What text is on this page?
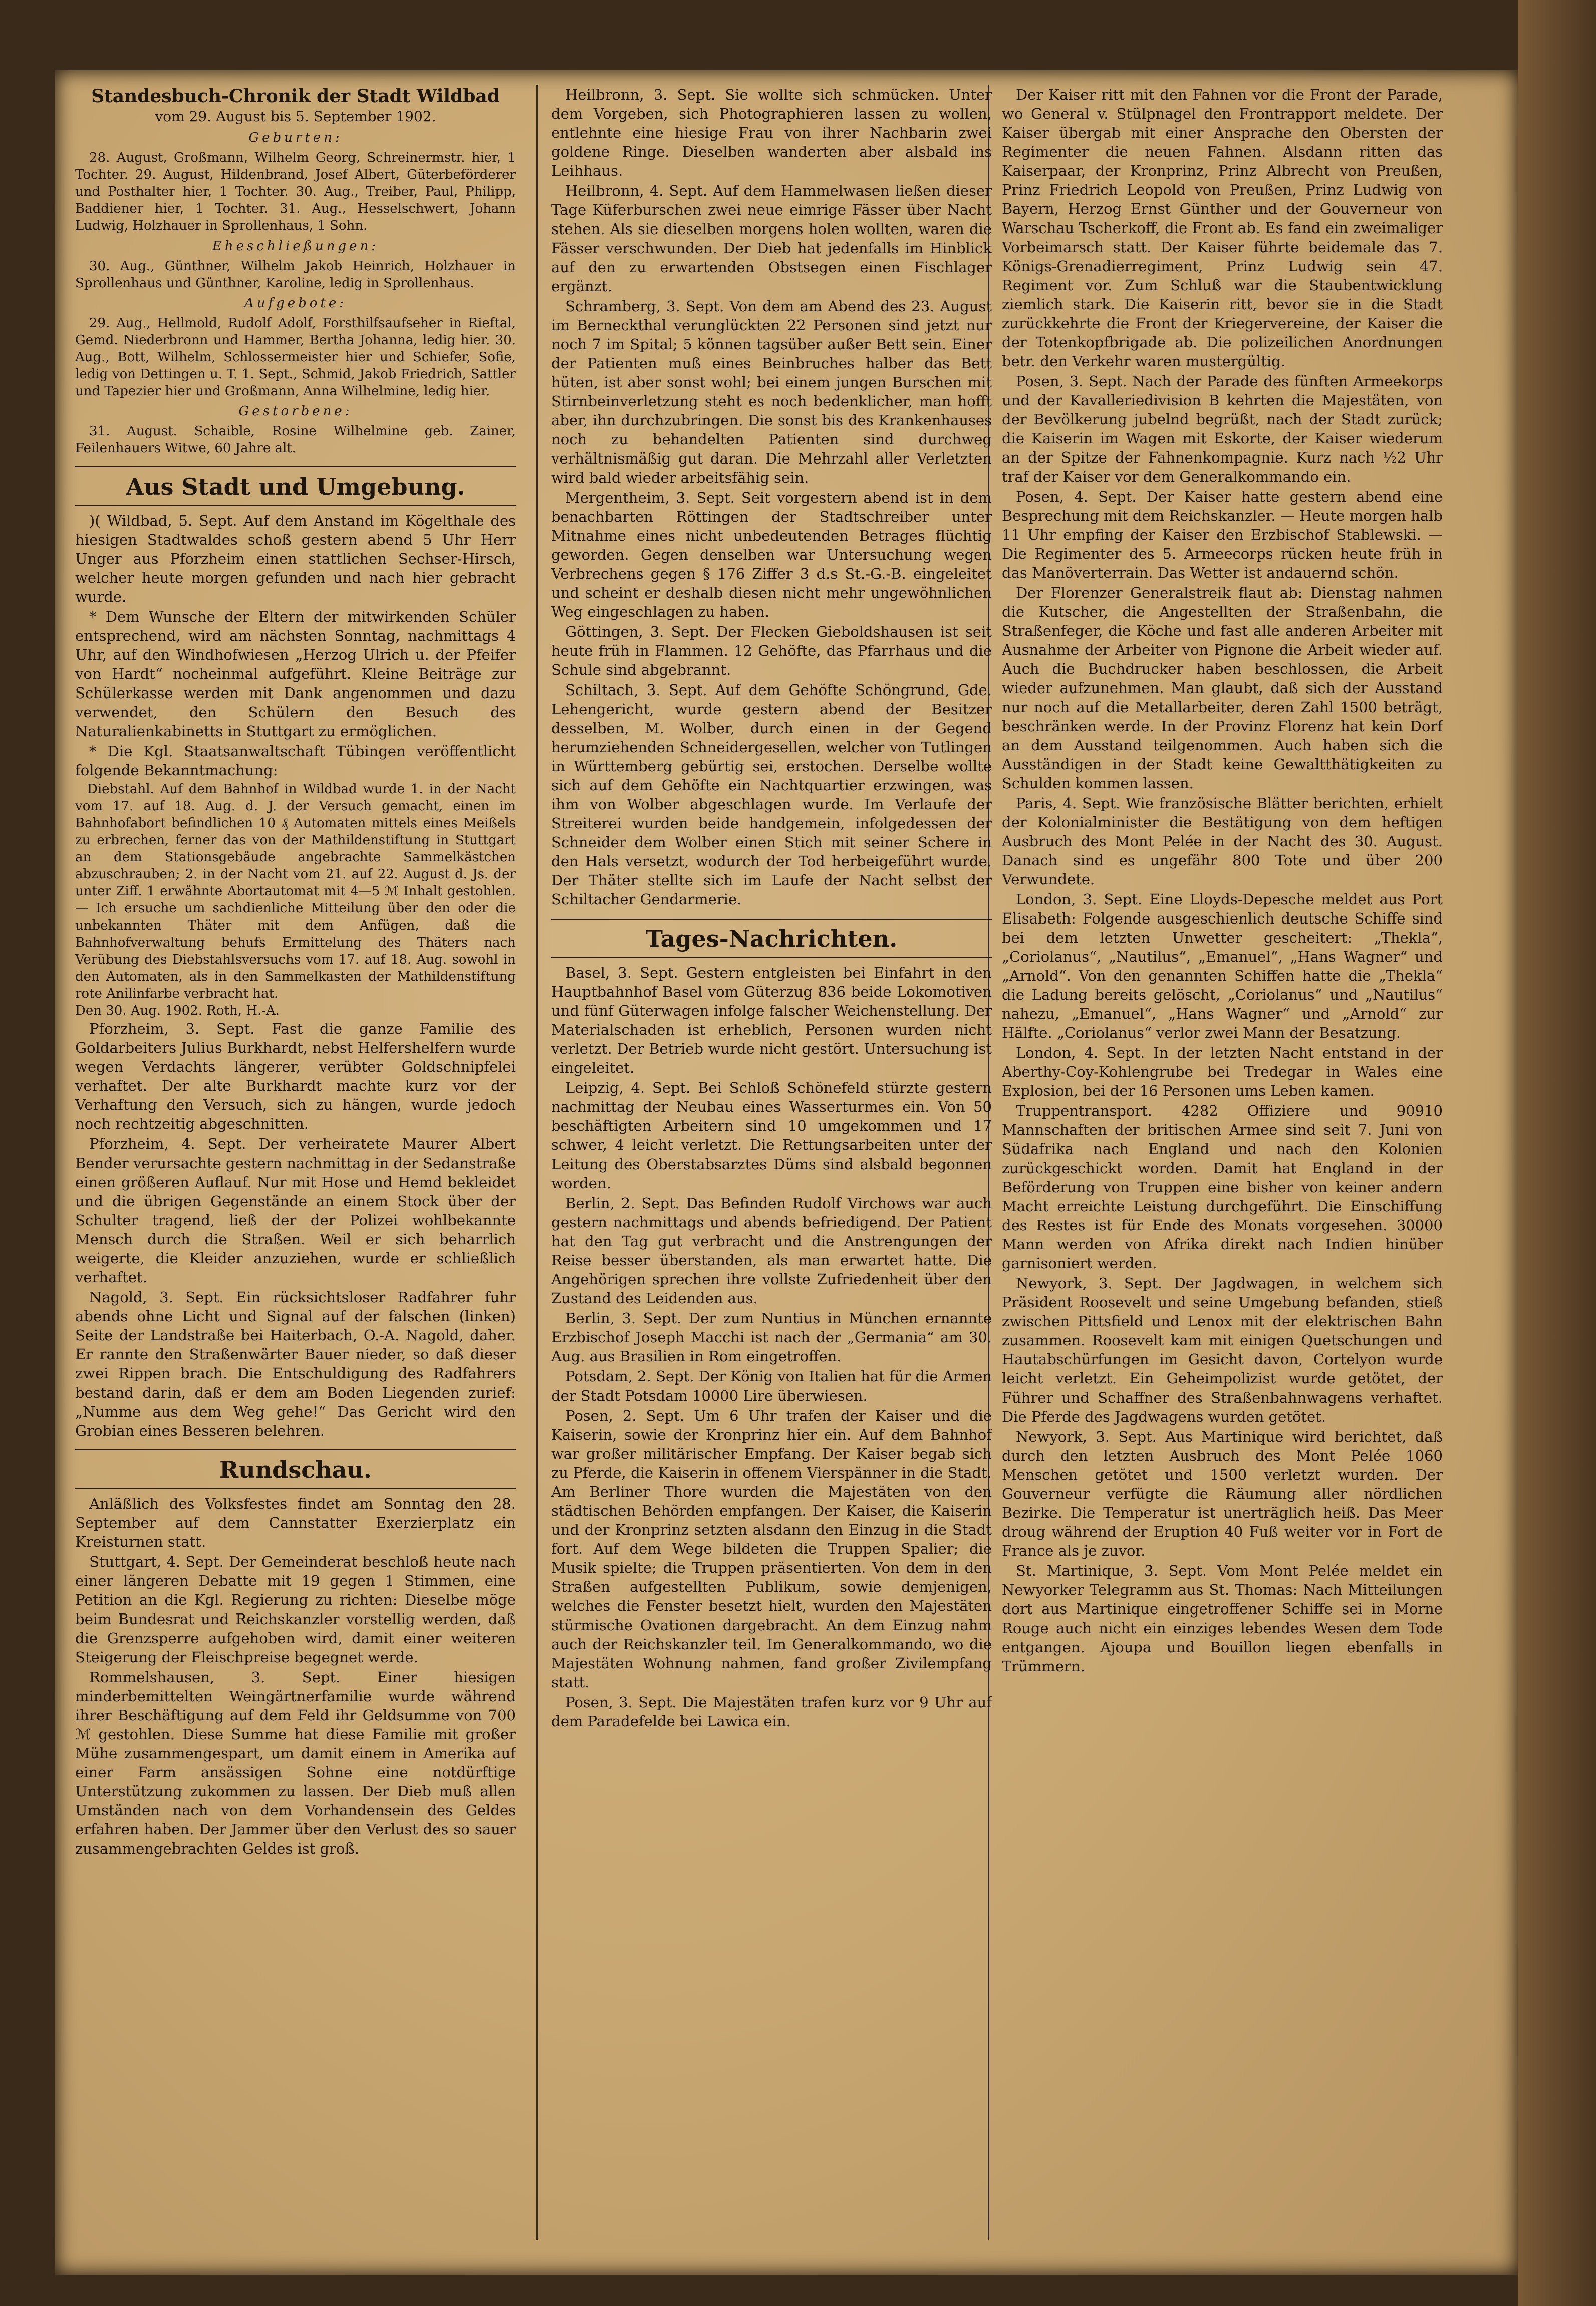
Standesbuch-Chronik der Stadt Wildbad
vom 29. August bis 5. September 1902.
Geburten:
28. August, Großmann, Wilhelm Georg, Schreinermstr. hier, 1 Tochter. 29. August, Hildenbrand, Josef Albert, Güterbeförderer und Posthalter hier, 1 Tochter. 30. Aug., Treiber, Paul, Philipp, Baddiener hier, 1 Tochter. 31. Aug., Hesselschwert, Johann Ludwig, Holzhauer in Sprollenhaus, 1 Sohn.
Eheschließungen:
30. Aug., Günthner, Wilhelm Jakob Heinrich, Holzhauer in Sprollenhaus und Günthner, Karoline, ledig in Sprollenhaus.
Aufgebote:
29. Aug., Hellmold, Rudolf Adolf, Forsthilfsaufseher in Rieftal, Gemd. Niederbronn und Hammer, Bertha Johanna, ledig hier. 30. Aug., Bott, Wilhelm, Schlossermeister hier und Schiefer, Sofie, ledig von Dettingen u. T. 1. Sept., Schmid, Jakob Friedrich, Sattler und Tapezier hier und Großmann, Anna Wilhelmine, ledig hier.
Gestorbene:
31. August. Schaible, Rosine Wilhelmine geb. Zainer, Feilenhauers Witwe, 60 Jahre alt.
Aus Stadt und Umgebung.
)( Wildbad, 5. Sept. Auf dem Anstand im Kögelthale des hiesigen Stadtwaldes schoß gestern abend 5 Uhr Herr Unger aus Pforzheim einen stattlichen Sechser-Hirsch, welcher heute morgen gefunden und nach hier gebracht wurde.
* Dem Wunsche der Eltern der mitwirkenden Schüler entsprechend, wird am nächsten Sonntag, nachmittags 4 Uhr, auf den Windhofwiesen „Herzog Ulrich u. der Pfeifer von Hardt“ nocheinmal aufgeführt. Kleine Beiträge zur Schülerkasse werden mit Dank angenommen und dazu verwendet, den Schülern den Besuch des Naturalienkabinetts in Stuttgart zu ermöglichen.
* Die Kgl. Staatsanwaltschaft Tübingen veröffentlicht folgende Bekanntmachung:
Diebstahl. Auf dem Bahnhof in Wildbad wurde 1. in der Nacht vom 17. auf 18. Aug. d. J. der Versuch gemacht, einen im Bahnhofabort befindlichen 10 ₰ Automaten mittels eines Meißels zu erbrechen, ferner das von der Mathildenstiftung in Stuttgart an dem Stationsgebäude angebrachte Sammelkästchen abzuschrauben; 2. in der Nacht vom 21. auf 22. August d. Js. der unter Ziff. 1 erwähnte Abortautomat mit 4—5 ℳ Inhalt gestohlen. — Ich ersuche um sachdienliche Mitteilung über den oder die unbekannten Thäter mit dem Anfügen, daß die Bahnhofverwaltung behufs Ermittelung des Thäters nach Verübung des Diebstahlsversuchs vom 17. auf 18. Aug. sowohl in den Automaten, als in den Sammelkasten der Mathildenstiftung rote Anilinfarbe verbracht hat.
Den 30. Aug. 1902. Roth, H.-A.
Pforzheim, 3. Sept. Fast die ganze Familie des Goldarbeiters Julius Burkhardt, nebst Helfershelfern wurde wegen Verdachts längerer, verübter Goldschnipfelei verhaftet. Der alte Burkhardt machte kurz vor der Verhaftung den Versuch, sich zu hängen, wurde jedoch noch rechtzeitig abgeschnitten.
Pforzheim, 4. Sept. Der verheiratete Maurer Albert Bender verursachte gestern nachmittag in der Sedanstraße einen größeren Auflauf. Nur mit Hose und Hemd bekleidet und die übrigen Gegenstände an einem Stock über der Schulter tragend, ließ der der Polizei wohlbekannte Mensch durch die Straßen. Weil er sich beharrlich weigerte, die Kleider anzuziehen, wurde er schließlich verhaftet.
Nagold, 3. Sept. Ein rücksichtsloser Radfahrer fuhr abends ohne Licht und Signal auf der falschen (linken) Seite der Landstraße bei Haiterbach, O.-A. Nagold, daher. Er rannte den Straßenwärter Bauer nieder, so daß dieser zwei Rippen brach. Die Entschuldigung des Radfahrers bestand darin, daß er dem am Boden Liegenden zurief: „Numme aus dem Weg gehe!“ Das Gericht wird den Grobian eines Besseren belehren.
Rundschau.
Anläßlich des Volksfestes findet am Sonntag den 28. September auf dem Cannstatter Exerzierplatz ein Kreisturnen statt.
Stuttgart, 4. Sept. Der Gemeinderat beschloß heute nach einer längeren Debatte mit 19 gegen 1 Stimmen, eine Petition an die Kgl. Regierung zu richten: Dieselbe möge beim Bundesrat und Reichskanzler vorstellig werden, daß die Grenzsperre aufgehoben wird, damit einer weiteren Steigerung der Fleischpreise begegnet werde.
Rommelshausen, 3. Sept. Einer hiesigen minderbemittelten Weingärtnerfamilie wurde während ihrer Beschäftigung auf dem Feld ihr Geldsumme von 700 ℳ gestohlen. Diese Summe hat diese Familie mit großer Mühe zusammengespart, um damit einem in Amerika auf einer Farm ansässigen Sohne eine notdürftige Unterstützung zukommen zu lassen. Der Dieb muß allen Umständen nach von dem Vorhandensein des Geldes erfahren haben. Der Jammer über den Verlust des so sauer zusammengebrachten Geldes ist groß.
Heilbronn, 3. Sept. Sie wollte sich schmücken. Unter dem Vorgeben, sich Photographieren lassen zu wollen, entlehnte eine hiesige Frau von ihrer Nachbarin zwei goldene Ringe. Dieselben wanderten aber alsbald ins Leihhaus.
Heilbronn, 4. Sept. Auf dem Hammelwasen ließen dieser Tage Küferburschen zwei neue eimrige Fässer über Nacht stehen. Als sie dieselben morgens holen wollten, waren die Fässer verschwunden. Der Dieb hat jedenfalls im Hinblick auf den zu erwartenden Obstsegen einen Fischlager ergänzt.
Schramberg, 3. Sept. Von dem am Abend des 23. August im Berneckthal verunglückten 22 Personen sind jetzt nur noch 7 im Spital; 5 können tagsüber außer Bett sein. Einer der Patienten muß eines Beinbruches halber das Bett hüten, ist aber sonst wohl; bei einem jungen Burschen mit Stirnbeinverletzung steht es noch bedenklicher, man hofft aber, ihn durchzubringen. Die sonst bis des Krankenhauses noch zu behandelten Patienten sind durchweg verhältnismäßig gut daran. Die Mehrzahl aller Verletzten wird bald wieder arbeitsfähig sein.
Mergentheim, 3. Sept. Seit vorgestern abend ist in dem benachbarten Röttingen der Stadtschreiber unter Mitnahme eines nicht unbedeutenden Betrages flüchtig geworden. Gegen denselben war Untersuchung wegen Verbrechens gegen § 176 Ziffer 3 d.s St.-G.-B. eingeleitet und scheint er deshalb diesen nicht mehr ungewöhnlichen Weg eingeschlagen zu haben.
Göttingen, 3. Sept. Der Flecken Gieboldshausen ist seit heute früh in Flammen. 12 Gehöfte, das Pfarrhaus und die Schule sind abgebrannt.
Schiltach, 3. Sept. Auf dem Gehöfte Schöngrund, Gde. Lehengericht, wurde gestern abend der Besitzer desselben, M. Wolber, durch einen in der Gegend herumziehenden Schneidergesellen, welcher von Tutlingen in Württemberg gebürtig sei, erstochen. Derselbe wollte sich auf dem Gehöfte ein Nachtquartier erzwingen, was ihm von Wolber abgeschlagen wurde. Im Verlaufe der Streiterei wurden beide handgemein, infolgedessen der Schneider dem Wolber einen Stich mit seiner Schere in den Hals versetzt, wodurch der Tod herbeigeführt wurde. Der Thäter stellte sich im Laufe der Nacht selbst der Schiltacher Gendarmerie.
Tages-Nachrichten.
Basel, 3. Sept. Gestern entgleisten bei Einfahrt in den Hauptbahnhof Basel vom Güterzug 836 beide Lokomotiven und fünf Güterwagen infolge falscher Weichenstellung. Der Materialschaden ist erheblich, Personen wurden nicht verletzt. Der Betrieb wurde nicht gestört. Untersuchung ist eingeleitet.
Leipzig, 4. Sept. Bei Schloß Schönefeld stürzte gestern nachmittag der Neubau eines Wasserturmes ein. Von 50 beschäftigten Arbeitern sind 10 umgekommen und 17 schwer, 4 leicht verletzt. Die Rettungsarbeiten unter der Leitung des Oberstabsarztes Düms sind alsbald begonnen worden.
Berlin, 2. Sept. Das Befinden Rudolf Virchows war auch gestern nachmittags und abends befriedigend. Der Patient hat den Tag gut verbracht und die Anstrengungen der Reise besser überstanden, als man erwartet hatte. Die Angehörigen sprechen ihre vollste Zufriedenheit über den Zustand des Leidenden aus.
Berlin, 3. Sept. Der zum Nuntius in München ernannte Erzbischof Joseph Macchi ist nach der „Germania“ am 30. Aug. aus Brasilien in Rom eingetroffen.
Potsdam, 2. Sept. Der König von Italien hat für die Armen der Stadt Potsdam 10000 Lire überwiesen.
Posen, 2. Sept. Um 6 Uhr trafen der Kaiser und die Kaiserin, sowie der Kronprinz hier ein. Auf dem Bahnhof war großer militärischer Empfang. Der Kaiser begab sich zu Pferde, die Kaiserin in offenem Vierspänner in die Stadt. Am Berliner Thore wurden die Majestäten von den städtischen Behörden empfangen. Der Kaiser, die Kaiserin und der Kronprinz setzten alsdann den Einzug in die Stadt fort. Auf dem Wege bildeten die Truppen Spalier; die Musik spielte; die Truppen präsentierten. Von dem in den Straßen aufgestellten Publikum, sowie demjenigen, welches die Fenster besetzt hielt, wurden den Majestäten stürmische Ovationen dargebracht. An dem Einzug nahm auch der Reichskanzler teil. Im Generalkommando, wo die Majestäten Wohnung nahmen, fand großer Zivilempfang statt.
Posen, 3. Sept. Die Majestäten trafen kurz vor 9 Uhr auf dem Paradefelde bei Lawica ein.
Der Kaiser ritt mit den Fahnen vor die Front der Parade, wo General v. Stülpnagel den Frontrapport meldete. Der Kaiser übergab mit einer Ansprache den Obersten der Regimenter die neuen Fahnen. Alsdann ritten das Kaiserpaar, der Kronprinz, Prinz Albrecht von Preußen, Prinz Friedrich Leopold von Preußen, Prinz Ludwig von Bayern, Herzog Ernst Günther und der Gouverneur von Warschau Tscherkoff, die Front ab. Es fand ein zweimaliger Vorbeimarsch statt. Der Kaiser führte beidemale das 7. Königs-Grenadierregiment, Prinz Ludwig sein 47. Regiment vor. Zum Schluß war die Staubentwicklung ziemlich stark. Die Kaiserin ritt, bevor sie in die Stadt zurückkehrte die Front der Kriegervereine, der Kaiser die der Totenkopfbrigade ab. Die polizeilichen Anordnungen betr. den Verkehr waren mustergültig.
Posen, 3. Sept. Nach der Parade des fünften Armeekorps und der Kavalleriedivision B kehrten die Majestäten, von der Bevölkerung jubelnd begrüßt, nach der Stadt zurück; die Kaiserin im Wagen mit Eskorte, der Kaiser wiederum an der Spitze der Fahnenkompagnie. Kurz nach ½2 Uhr traf der Kaiser vor dem Generalkommando ein.
Posen, 4. Sept. Der Kaiser hatte gestern abend eine Besprechung mit dem Reichskanzler. — Heute morgen halb 11 Uhr empfing der Kaiser den Erzbischof Stablewski. — Die Regimenter des 5. Armeecorps rücken heute früh in das Manöverterrain. Das Wetter ist andauernd schön.
Der Florenzer Generalstreik flaut ab: Dienstag nahmen die Kutscher, die Angestellten der Straßenbahn, die Straßenfeger, die Köche und fast alle anderen Arbeiter mit Ausnahme der Arbeiter von Pignone die Arbeit wieder auf. Auch die Buchdrucker haben beschlossen, die Arbeit wieder aufzunehmen. Man glaubt, daß sich der Ausstand nur noch auf die Metallarbeiter, deren Zahl 1500 beträgt, beschränken werde. In der Provinz Florenz hat kein Dorf an dem Ausstand teilgenommen. Auch haben sich die Ausständigen in der Stadt keine Gewaltthätigkeiten zu Schulden kommen lassen.
Paris, 4. Sept. Wie französische Blätter berichten, erhielt der Kolonialminister die Bestätigung von dem heftigen Ausbruch des Mont Pelée in der Nacht des 30. August. Danach sind es ungefähr 800 Tote und über 200 Verwundete.
London, 3. Sept. Eine Lloyds-Depesche meldet aus Port Elisabeth: Folgende ausgeschienlich deutsche Schiffe sind bei dem letzten Unwetter gescheitert: „Thekla“, „Coriolanus“, „Nautilus“, „Emanuel“, „Hans Wagner“ und „Arnold“. Von den genannten Schiffen hatte die „Thekla“ die Ladung bereits gelöscht, „Coriolanus“ und „Nautilus“ nahezu, „Emanuel“, „Hans Wagner“ und „Arnold“ zur Hälfte. „Coriolanus“ verlor zwei Mann der Besatzung.
London, 4. Sept. In der letzten Nacht entstand in der Aberthy-Coy-Kohlengrube bei Tredegar in Wales eine Explosion, bei der 16 Personen ums Leben kamen.
Truppentransport. 4282 Offiziere und 90910 Mannschaften der britischen Armee sind seit 7. Juni von Südafrika nach England und nach den Kolonien zurückgeschickt worden. Damit hat England in der Beförderung von Truppen eine bisher von keiner andern Macht erreichte Leistung durchgeführt. Die Einschiffung des Restes ist für Ende des Monats vorgesehen. 30000 Mann werden von Afrika direkt nach Indien hinüber garnisoniert werden.
Newyork, 3. Sept. Der Jagdwagen, in welchem sich Präsident Roosevelt und seine Umgebung befanden, stieß zwischen Pittsfield und Lenox mit der elektrischen Bahn zusammen. Roosevelt kam mit einigen Quetschungen und Hautabschürfungen im Gesicht davon, Cortelyon wurde leicht verletzt. Ein Geheimpolizist wurde getötet, der Führer und Schaffner des Straßenbahnwagens verhaftet. Die Pferde des Jagdwagens wurden getötet.
Newyork, 3. Sept. Aus Martinique wird berichtet, daß durch den letzten Ausbruch des Mont Pelée 1060 Menschen getötet und 1500 verletzt wurden. Der Gouverneur verfügte die Räumung aller nördlichen Bezirke. Die Temperatur ist unerträglich heiß. Das Meer droug während der Eruption 40 Fuß weiter vor in Fort de France als je zuvor.
St. Martinique, 3. Sept. Vom Mont Pelée meldet ein Newyorker Telegramm aus St. Thomas: Nach Mitteilungen dort aus Martinique eingetroffener Schiffe sei in Morne Rouge auch nicht ein einziges lebendes Wesen dem Tode entgangen. Ajoupa und Bouillon liegen ebenfalls in Trümmern.
